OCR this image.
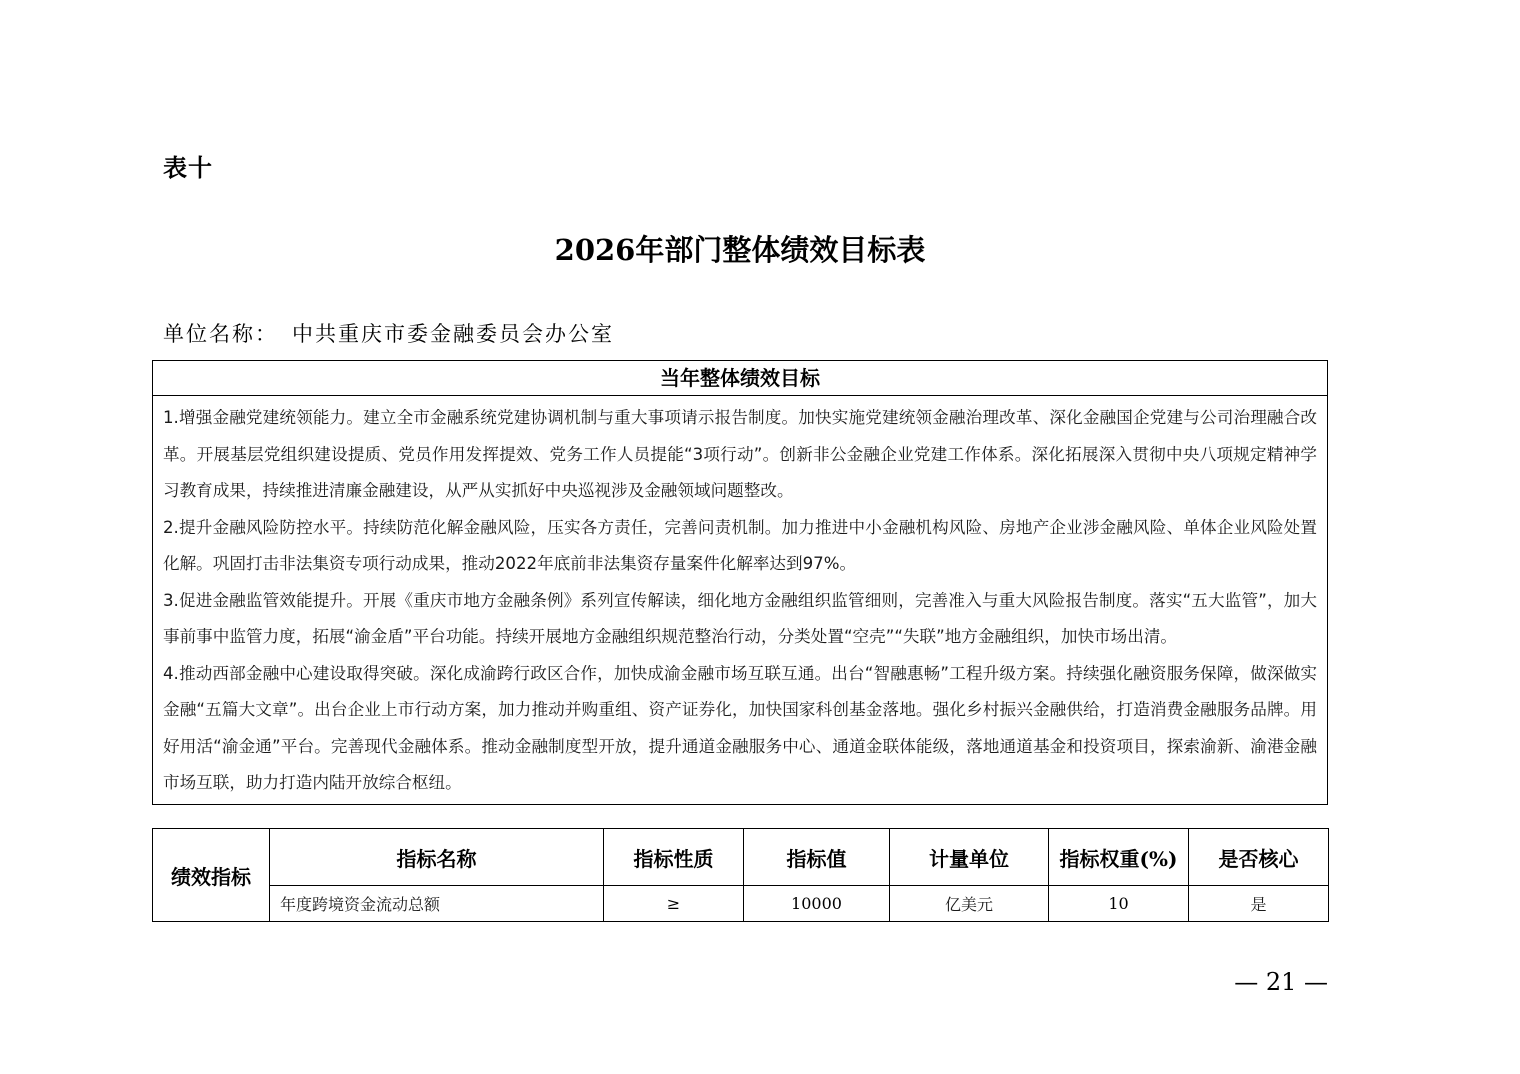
表十
2026年部门整体绩效目标表
单位名称： 中共重庆市委金融委员会办公室
当年整体绩效目标

1.增强金融党建统领能力。建立全市金融系统党建协调机制与重大事项请示报告制度。加快实施党建统领金融治理改革、深化金融国企党建与公司治理融合改革。开展基层党组织建设提质、党员作用发挥提效、党务工作人员提能“3项行动”。创新非公金融企业党建工作体系。深化拓展深入贯彻中央八项规定精神学习教育成果，持续推进清廉金融建设，从严从实抓好中央巡视涉及金融领域问题整改。

2.提升金融风险防控水平。持续防范化解金融风险，压实各方责任，完善问责机制。加力推进中小金融机构风险、房地产企业涉金融风险、单体企业风险处置化解。巩固打击非法集资专项行动成果，推动2022年底前非法集资存量案件化解率达到97%。

3.促进金融监管效能提升。开展《重庆市地方金融条例》系列宣传解读，细化地方金融组织监管细则，完善准入与重大风险报告制度。落实“五大监管”，加大事前事中监管力度，拓展“渝金盾”平台功能。持续开展地方金融组织规范整治行动，分类处置“空壳”“失联”地方金融组织，加快市场出清。

4.推动西部金融中心建设取得突破。深化成渝跨行政区合作，加快成渝金融市场互联互通。出台“智融惠畅”工程升级方案。持续强化融资服务保障，做深做实金融“五篇大文章”。出台企业上市行动方案，加力推动并购重组、资产证券化，加快国家科创基金落地。强化乡村振兴金融供给，打造消费金融服务品牌。用好用活“渝金通”平台。完善现代金融体系。推动金融制度型开放，提升通道金融服务中心、通道金联体能级，落地通道基金和投资项目，探索渝新、渝港金融市场互联，助力打造内陆开放综合枢纽。

绩效指标	指标名称	指标性质	指标值	计量单位	指标权重(%)	是否核心
	年度跨境资金流动总额	≥	10000	亿美元	10	是
— 21 —
